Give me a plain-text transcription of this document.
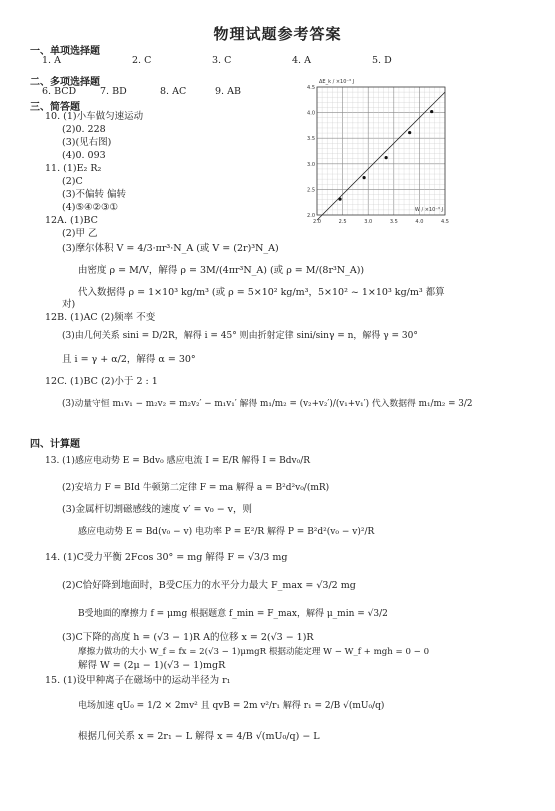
物理试题参考答案
一、单项选择题
1. A	2. C	3. C	4. A	5. D
二、多项选择题
6. BCD	7. BD	8. AC	9. AB
三、简答题
10. (1)小车做匀速运动
(2)0. 228
(3)(见右图)
(4)0. 093
11. (1)E₂ R₂
(2)C
(3)不偏转 偏转
(4)⑤④②③①
12A. (1)BC
(2)甲 乙
(3)摩尔体积 V = 4/3·πr³·N_A (或 V = (2r)³N_A)
由密度 ρ = M/V，解得 ρ = 3M/(4πr³N_A) (或 ρ = M/(8r³N_A))
代入数据得 ρ = 1×10³ kg/m³ (或 ρ = 5×10² kg/m³，5×10² ~ 1×10³ kg/m³ 都算
对)
12B. (1)AC (2)频率 不变
(3)由几何关系 sini = D/2R，解得 i = 45° 则由折射定律 sini/sinγ = n，解得 γ = 30°
且 i = γ + α/2，解得 α = 30°
12C. (1)BC (2)小于 2 : 1
(3)动量守恒 m₁v₁ − m₂v₂ = m₂v₂′ − m₁v₁′ 解得 m₁/m₂ = (v₂+v₂′)/(v₁+v₁′) 代入数据得 m₁/m₂ = 3/2
四、计算题
13. (1)感应电动势 E = Bdv₀ 感应电流 I = E/R 解得 I = Bdv₀/R
(2)安培力 F = BId 牛顿第二定律 F = ma 解得 a = B²d²v₀/(mR)
(3)金属杆切割磁感线的速度 v′ = v₀ − v，则
感应电动势 E = Bd(v₀ − v) 电功率 P = E²/R 解得 P = B²d²(v₀ − v)²/R
14. (1)C受力平衡 2Fcos 30° = mg 解得 F = √3/3 mg
(2)C恰好降到地面时，B受C压力的水平分力最大 F_max = √3/2 mg
B受地面的摩擦力 f = μmg 根据题意 f_min = F_max，解得 μ_min = √3/2
(3)C下降的高度 h = (√3 − 1)R A的位移 x = 2(√3 − 1)R
摩擦力做功的大小 W_f = fx = 2(√3 − 1)μmgR 根据动能定理 W − W_f + mgh = 0 − 0
解得 W = (2μ − 1)(√3 − 1)mgR
15. (1)设甲种离子在磁场中的运动半径为 r₁
电场加速 qU₀ = 1/2 × 2mv² 且 qvB = 2m v²/r₁ 解得 r₁ = 2/B √(mU₀/q)
根据几何关系 x = 2r₁ − L 解得 x = 4/B √(mU₀/q) − L
2.0	2.5	3.0	3.5	4.0	4.5
2.0
2.5
3.0
3.5
4.0
4.5
ΔE_k / ×10⁻³ J
W / ×10⁻³ J
